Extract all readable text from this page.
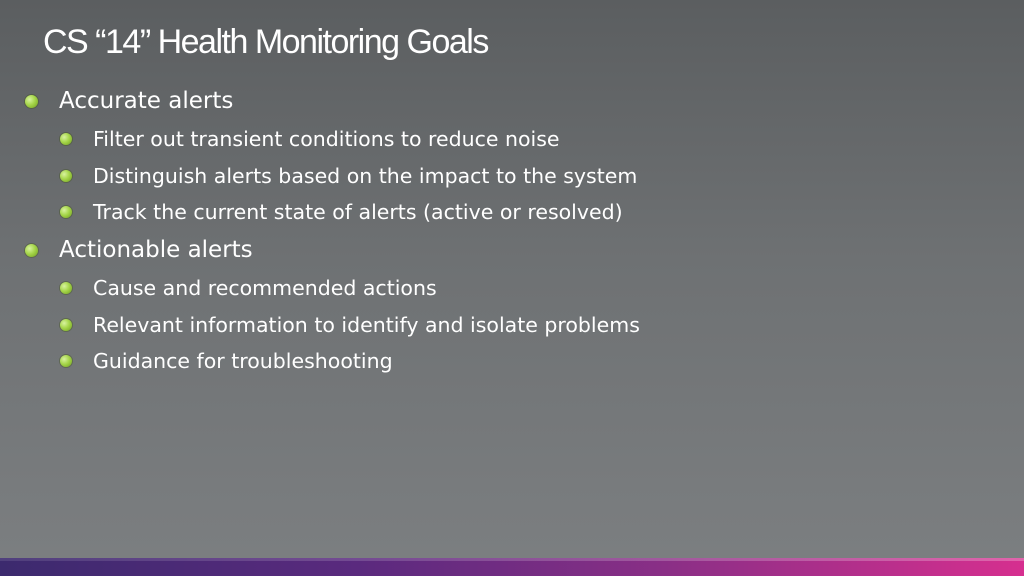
CS “14” Health Monitoring Goals
Accurate alerts
Filter out transient conditions to reduce noise
Distinguish alerts based on the impact to the system
Track the current state of alerts (active or resolved)
Actionable alerts
Cause and recommended actions
Relevant information to identify and isolate problems
Guidance for troubleshooting
